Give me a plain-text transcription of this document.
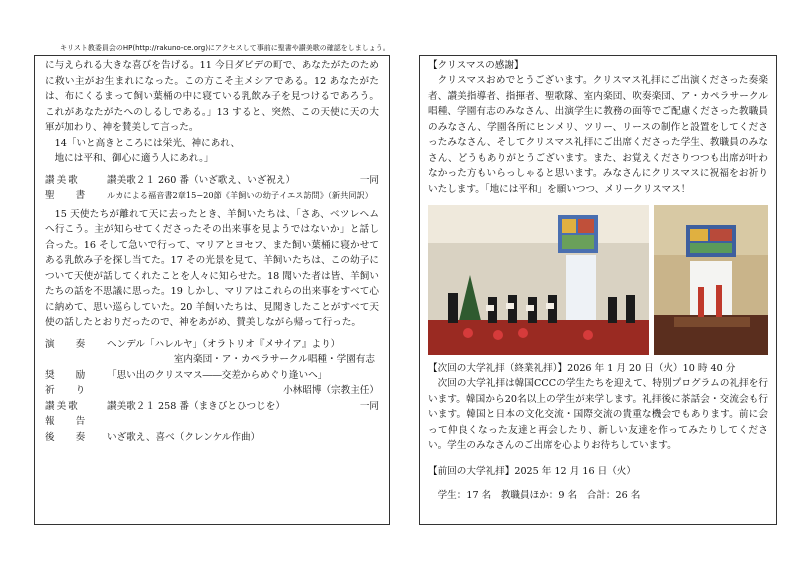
キリスト教委員会のHP(http://rakuno-ce.org)にアクセスして事前に聖書や讃美歌の確認をしましょう。

に与えられる大きな喜びを告げる。11 今日ダビデの町で、あなたがたのために救い主がお生まれになった。この方こそ主メシアである。12 あなたがたは、布にくるまって飼い葉桶の中に寝ている乳飲み子を見つけるであろう。これがあなたがたへのしるしである。」13 すると、突然、この天使に天の大軍が加わり、神を賛美して言った。

14「いと高きところには栄光、神にあれ、

地には平和、御心に適う人にあれ。」

讃美歌	讃美歌２１ 260 番（いざ歌え、いざ祝え）	一同
聖 書	ルカによる福音書2章15−20節《羊飼いの幼子イエス訪問》（新共同訳）

15 天使たちが離れて天に去ったとき、羊飼いたちは、「さあ、ベツレヘムへ行こう。主が知らせてくださったその出来事を見ようではないか」と話し合った。16 そして急いで行って、マリアとヨセフ、また飼い葉桶に寝かせてある乳飲み子を探し当てた。17 その光景を見て、羊飼いたちは、この幼子について天使が話してくれたことを人々に知らせた。18 聞いた者は皆、羊飼いたちの話を不思議に思った。19 しかし、マリアはこれらの出来事をすべて心に納めて、思い巡らしていた。20 羊飼いたちは、見聞きしたことがすべて天使の話したとおりだったので、神をあがめ、賛美しながら帰って行った。

演 奏	ヘンデル「ハレルヤ」（オラトリオ『メサイア』より）
室内楽団・ア・カペラサークル唱種・学園有志
奨 励	「思い出のクリスマス――交差からめぐり逢いへ」
祈 り	小林昭博（宗教主任）
讃美歌	讃美歌２１ 258 番（まきびとひつじを）	一同
報 告
後 奏	いざ歌え、喜べ（クレンケル作曲）

【クリスマスの感謝】

クリスマスおめでとうございます。クリスマス礼拝にご出演くださった奏楽者、讃美指導者、指揮者、聖歌隊、室内楽団、吹奏楽団、ア・カペラサークル唱種、学園有志のみなさん、出演学生に教務の面等でご配慮くださった教職員のみなさん、学園各所にヒンメリ、ツリー、リースの制作と設置をしてくださったみなさん、そしてクリスマス礼拝にご出席くださった学生、教職員のみなさん、どうもありがとうございます。また、お覚えくださりつつも出席が叶わなかった方もいらっしゃると思います。みなさんにクリスマスに祝福をお祈りいたします。「地には平和」を願いつつ、メリークリスマス！

【次回の大学礼拝（終業礼拝）】2026 年 1 月 20 日（火）10 時 40 分

次回の大学礼拝は韓国CCCの学生たちを迎えて、特別プログラムの礼拝を行います。韓国から20名以上の学生が来学します。礼拝後に茶話会・交流会も行います。韓国と日本の文化交流・国際交流の貴重な機会でもあります。前に会って仲良くなった友達と再会したり、新しい友達を作ってみたりしてください。学生のみなさんのご出席を心よりお待ちしています。

【前回の大学礼拝】2025 年 12 月 16 日（火）

学生：17 名　教職員ほか：9 名　合計：26 名
